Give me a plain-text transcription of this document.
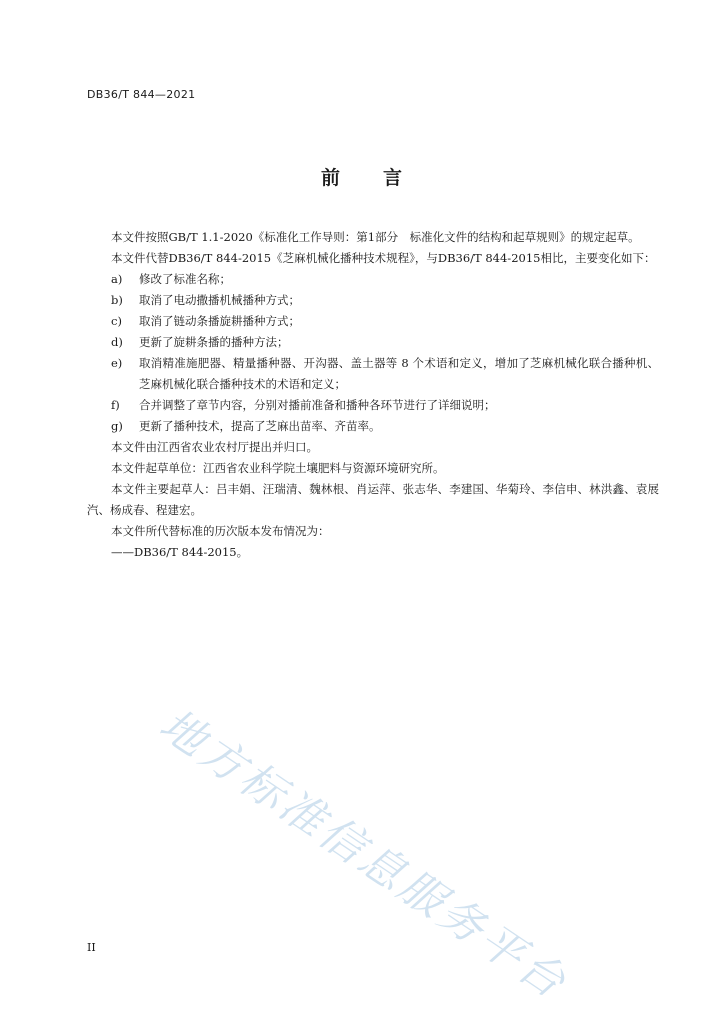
DB36/T 844—2021
前 言

本文件按照GB/T 1.1-2020《标准化工作导则：第1部分　标准化文件的结构和起草规则》的规定起草。

本文件代替DB36/T 844-2015《芝麻机械化播种技术规程》，与DB36/T 844-2015相比，主要变化如下：

a)	修改了标准名称；
b)	取消了电动撒播机械播种方式；
c)	取消了链动条播旋耕播种方式；
d)	更新了旋耕条播的播种方法；
e)	取消精准施肥器、精量播种器、开沟器、盖土器等 8 个术语和定义，增加了芝麻机械化联合播种机、芝麻机械化联合播种技术的术语和定义；
f)	合并调整了章节内容，分别对播前准备和播种各环节进行了详细说明；
g)	更新了播种技术，提高了芝麻出苗率、齐苗率。

本文件由江西省农业农村厅提出并归口。

本文件起草单位：江西省农业科学院土壤肥料与资源环境研究所。

本文件主要起草人：吕丰娟、汪瑞清、魏林根、肖运萍、张志华、李建国、华菊玲、李信申、林洪鑫、袁展汽、杨成春、程建宏。

本文件所代替标准的历次版本发布情况为：

——DB36/T 844-2015。

地方标准信息服务平台
II
